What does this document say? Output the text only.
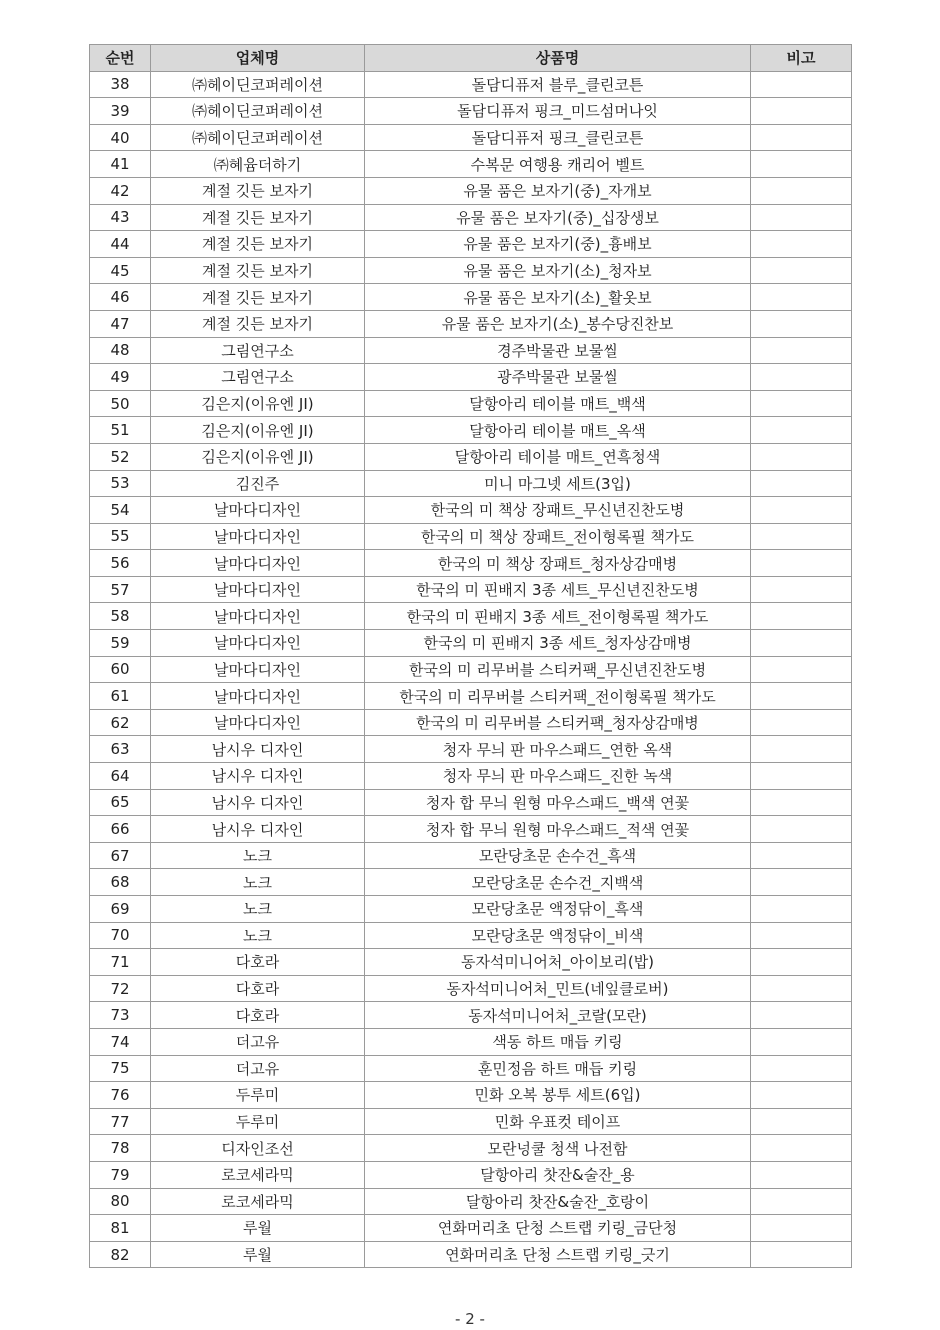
순번	업체명	상품명	비고
38	㈜헤이딘코퍼레이션	돌담디퓨저 블루_클린코튼	
39	㈜헤이딘코퍼레이션	돌담디퓨저 핑크_미드섬머나잇	
40	㈜헤이딘코퍼레이션	돌담디퓨저 핑크_클린코튼	
41	㈜혜윰더하기	수복문 여행용 캐리어 벨트	
42	계절 깃든 보자기	유물 품은 보자기(중)_자개보	
43	계절 깃든 보자기	유물 품은 보자기(중)_십장생보	
44	계절 깃든 보자기	유물 품은 보자기(중)_흉배보	
45	계절 깃든 보자기	유물 품은 보자기(소)_청자보	
46	계절 깃든 보자기	유물 품은 보자기(소)_활옷보	
47	계절 깃든 보자기	유물 품은 보자기(소)_봉수당진찬보	
48	그림연구소	경주박물관 보물씰	
49	그림연구소	광주박물관 보물씰	
50	김은지(이유엔 JI)	달항아리 테이블 매트_백색	
51	김은지(이유엔 JI)	달항아리 테이블 매트_옥색	
52	김은지(이유엔 JI)	달항아리 테이블 매트_연흑청색	
53	김진주	미니 마그넷 세트(3입)	
54	날마다디자인	한국의 미 책상 장패트_무신년진찬도병	
55	날마다디자인	한국의 미 책상 장패트_전이형록필 책가도	
56	날마다디자인	한국의 미 책상 장패트_청자상감매병	
57	날마다디자인	한국의 미 핀배지 3종 세트_무신년진찬도병	
58	날마다디자인	한국의 미 핀배지 3종 세트_전이형록필 책가도	
59	날마다디자인	한국의 미 핀배지 3종 세트_청자상감매병	
60	날마다디자인	한국의 미 리무버블 스티커팩_무신년진찬도병	
61	날마다디자인	한국의 미 리무버블 스티커팩_전이형록필 책가도	
62	날마다디자인	한국의 미 리무버블 스티커팩_청자상감매병	
63	남시우 디자인	청자 무늬 판 마우스패드_연한 옥색	
64	남시우 디자인	청자 무늬 판 마우스패드_진한 녹색	
65	남시우 디자인	청자 합 무늬 원형 마우스패드_백색 연꽃	
66	남시우 디자인	청자 합 무늬 원형 마우스패드_적색 연꽃	
67	노크	모란당초문 손수건_흑색	
68	노크	모란당초문 손수건_지백색	
69	노크	모란당초문 액정닦이_흑색	
70	노크	모란당초문 액정닦이_비색	
71	다호라	동자석미니어처_아이보리(밥)	
72	다호라	동자석미니어처_민트(네잎클로버)	
73	다호라	동자석미니어처_코랄(모란)	
74	더고유	색동 하트 매듭 키링	
75	더고유	훈민정음 하트 매듭 키링	
76	두루미	민화 오복 봉투 세트(6입)	
77	두루미	민화 우표컷 테이프	
78	디자인조선	모란넝쿨 청색 나전함	
79	로코세라믹	달항아리 찻잔&술잔_용	
80	로코세라믹	달항아리 찻잔&술잔_호랑이	
81	루월	연화머리초 단청 스트랩 키링_금단청	
82	루월	연화머리초 단청 스트랩 키링_긋기	
- 2 -
